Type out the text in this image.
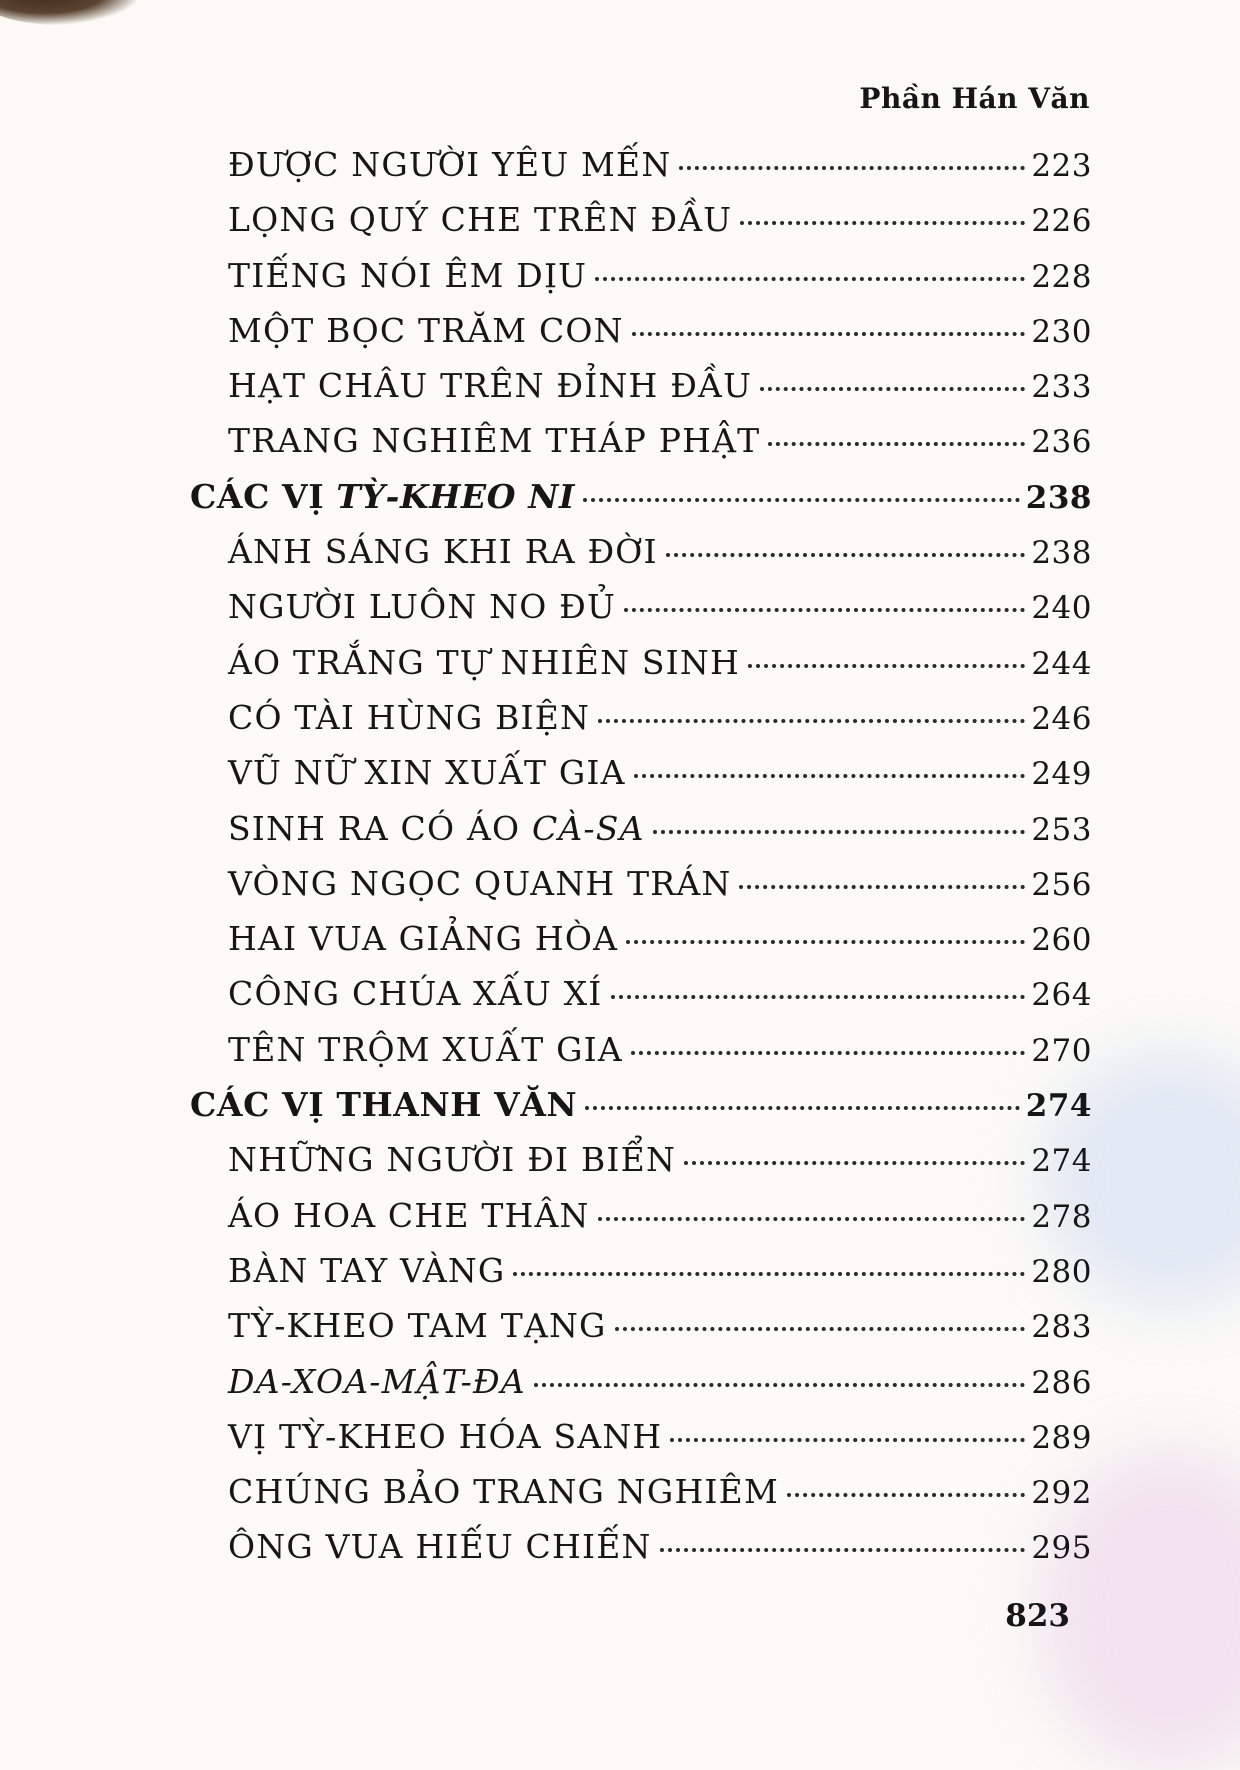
Phần Hán Văn
ĐƯỢC NGƯỜI YÊU MẾN	223
LỌNG QUÝ CHE TRÊN ĐẦU	226
TIẾNG NÓI ÊM DỊU	228
MỘT BỌC TRĂM CON	230
HẠT CHÂU TRÊN ĐỈNH ĐẦU	233
TRANG NGHIÊM THÁP PHẬT	236
CÁC VỊ TỲ-KHEO NI	238
ÁNH SÁNG KHI RA ĐỜI	238
NGƯỜI LUÔN NO ĐỦ	240
ÁO TRẮNG TỰ NHIÊN SINH	244
CÓ TÀI HÙNG BIỆN	246
VŨ NỮ XIN XUẤT GIA	249
SINH RA CÓ ÁO CÀ-SA	253
VÒNG NGỌC QUANH TRÁN	256
HAI VUA GIẢNG HÒA	260
CÔNG CHÚA XẤU XÍ	264
TÊN TRỘM XUẤT GIA	270
CÁC VỊ THANH VĂN	274
NHỮNG NGƯỜI ĐI BIỂN	274
ÁO HOA CHE THÂN	278
BÀN TAY VÀNG	280
TỲ-KHEO TAM TẠNG	283
DA-XOA-MẬT-ĐA	286
VỊ TỲ-KHEO HÓA SANH	289
CHÚNG BẢO TRANG NGHIÊM	292
ÔNG VUA HIẾU CHIẾN	295
823
